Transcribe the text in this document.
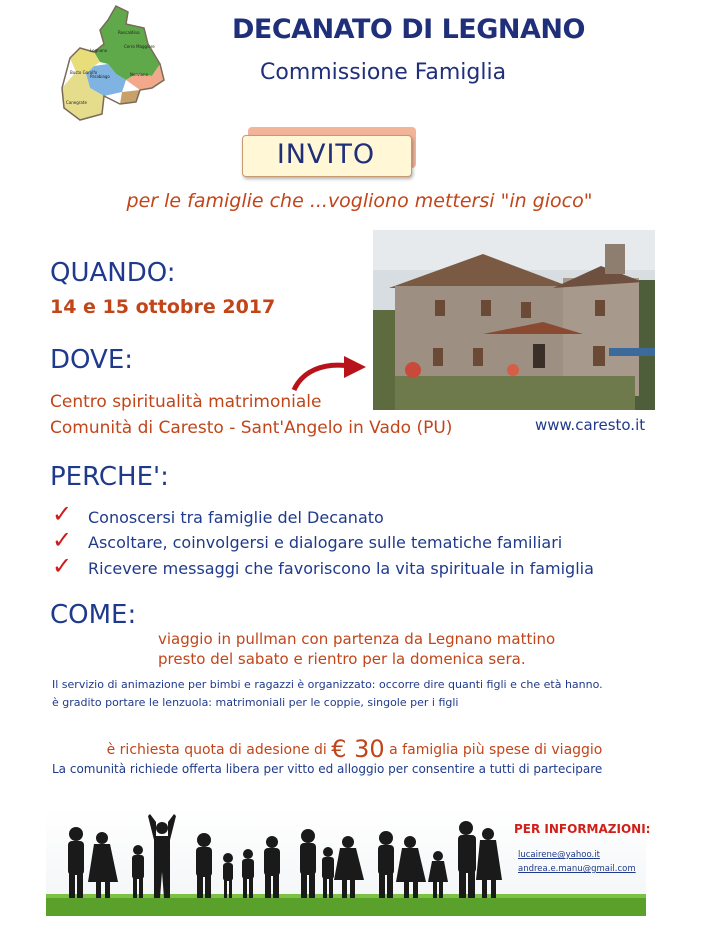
Legnano
Busto Garolfo
Parabiago	Nerviano
Rescaldina
Canegrate
Cerro Maggiore
DECANATO DI LEGNANO
Commissione Famiglia
INVITO
per le famiglie che ...vogliono mettersi "in gioco"
QUANDO:
14 e 15 ottobre 2017
DOVE:
Centro spiritualità matrimoniale
Comunità di Caresto - Sant'Angelo in Vado (PU)	www.caresto.it
PERCHE':
✓ Conoscersi tra famiglie del Decanato
✓ Ascoltare, coinvolgersi e dialogare sulle tematiche familiari
✓ Ricevere messaggi che favoriscono la vita spirituale in famiglia
COME:
viaggio in pullman con partenza da Legnano mattino
presto del sabato e rientro per la domenica sera.
Il servizio di animazione per bimbi e ragazzi è organizzato: occorre dire quanti figli e che età hanno.
è gradito portare le lenzuola: matrimoniali per le coppie, singole per i figli
è richiesta quota di adesione di € 30 a famiglia più spese di viaggio
La comunità richiede offerta libera per vitto ed alloggio per consentire a tutti di partecipare
PER INFORMAZIONI:
lucairene@yahoo.it
andrea.e.manu@gmail.com
